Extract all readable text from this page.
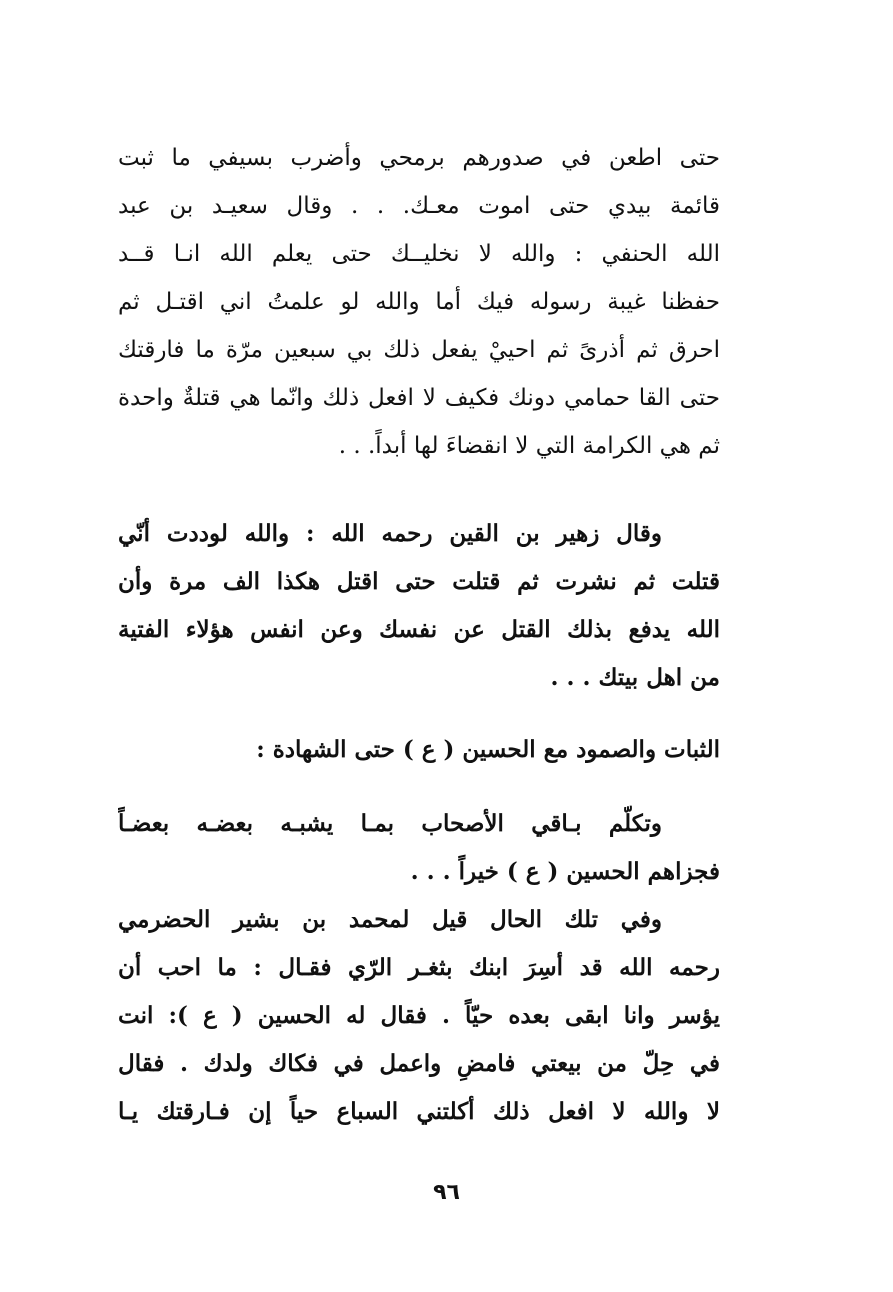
حتى اطعن في صدورهم برمحي وأضرب بسيفي ما ثبت
قائمة بيدي حتى اموت معـك. . . وقال سعيـد بن عبد
الله الحنفي : والله لا نخليــك حتى يعلم الله انـا قــد
حفظنا غيبة رسوله فيك أما والله لو علمتُ اني اقتـل ثم
احرق ثم أذرىً ثم احييْ يفعل ذلك بي سبعين مرّة ما فارقتك
حتى القا حمامي دونك فكيف لا افعل ذلك وانّما هي قتلةٌ واحدة
ثم هي الكرامة التي لا انقضاءَ لها أبداً. . .
وقال زهير بن القين رحمه الله : والله لوددت أنّي
قتلت ثم نشرت ثم قتلت حتى اقتل هكذا الف مرة وأن
الله يدفع بذلك القتل عن نفسك وعن انفس هؤلاء الفتية
من اهل بيتك . . .
الثبات والصمود مع الحسين ( ع ) حتى الشهادة :
وتكلّم بـاقي الأصحاب بمـا يشبـه بعضـه بعضـاً
فجزاهم الحسين ( ع ) خيراً . . .
وفي تلك الحال قيل لمحمد بن بشير الحضرمي
رحمه الله قد أسِرَ ابنك بثغـر الرّي فقـال : ما احب أن
يؤسر وانا ابقى بعده حيّاً . فقال له الحسين ( ع ): انت
في حِلّ من بيعتي فامضِ واعمل في فكاك ولدك . فقال
لا والله لا افعل ذلك أكلتني السباع حياً إن فـارقتك يـا
٩٦
